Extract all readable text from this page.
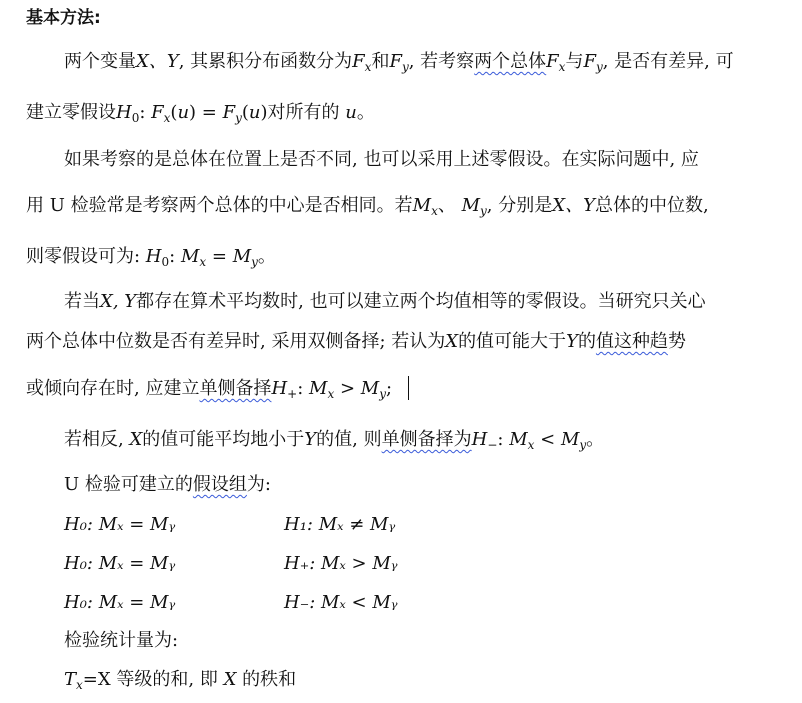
基本方法:
两个变量X、Y, 其累积分布函数分为$F_x$和$F_y$, 若考察两个总体$F_x$与$F_y$, 是否有差异, 可
建立零假设$H_0$: $F_x(u) = F_y(u)$对所有的 u。
如果考察的是总体在位置上是否不同, 也可以采用上述零假设。在实际问题中, 应
用 U 检验常是考察两个总体的中心是否相同。若$M_x$、 $M_y$, 分别是X、Y总体的中位数,
则零假设可为: $H_0$: $M_x = M_y$。
若当X, Y都存在算术平均数时, 也可以建立两个均值相等的零假设。当研究只关心
两个总体中位数是否有差异时, 采用双侧备择; 若认为X的值可能大于Y的值这种趋势
或倾向存在时, 应建立单侧备择$H_+$: $M_x > M_y$;
若相反, X的值可能平均地小于Y的值, 则单侧备择为$H_-$: $M_x < M_y$。
U 检验可建立的假设组为:
H₀: Mₓ = Mᵧ	H₁: Mₓ ≠ Mᵧ
H₀: Mₓ = Mᵧ	H₊: Mₓ > Mᵧ
H₀: Mₓ = Mᵧ	H₋: Mₓ < Mᵧ
检验统计量为:
$T_x=X$ 等级的和, 即 X 的秩和
